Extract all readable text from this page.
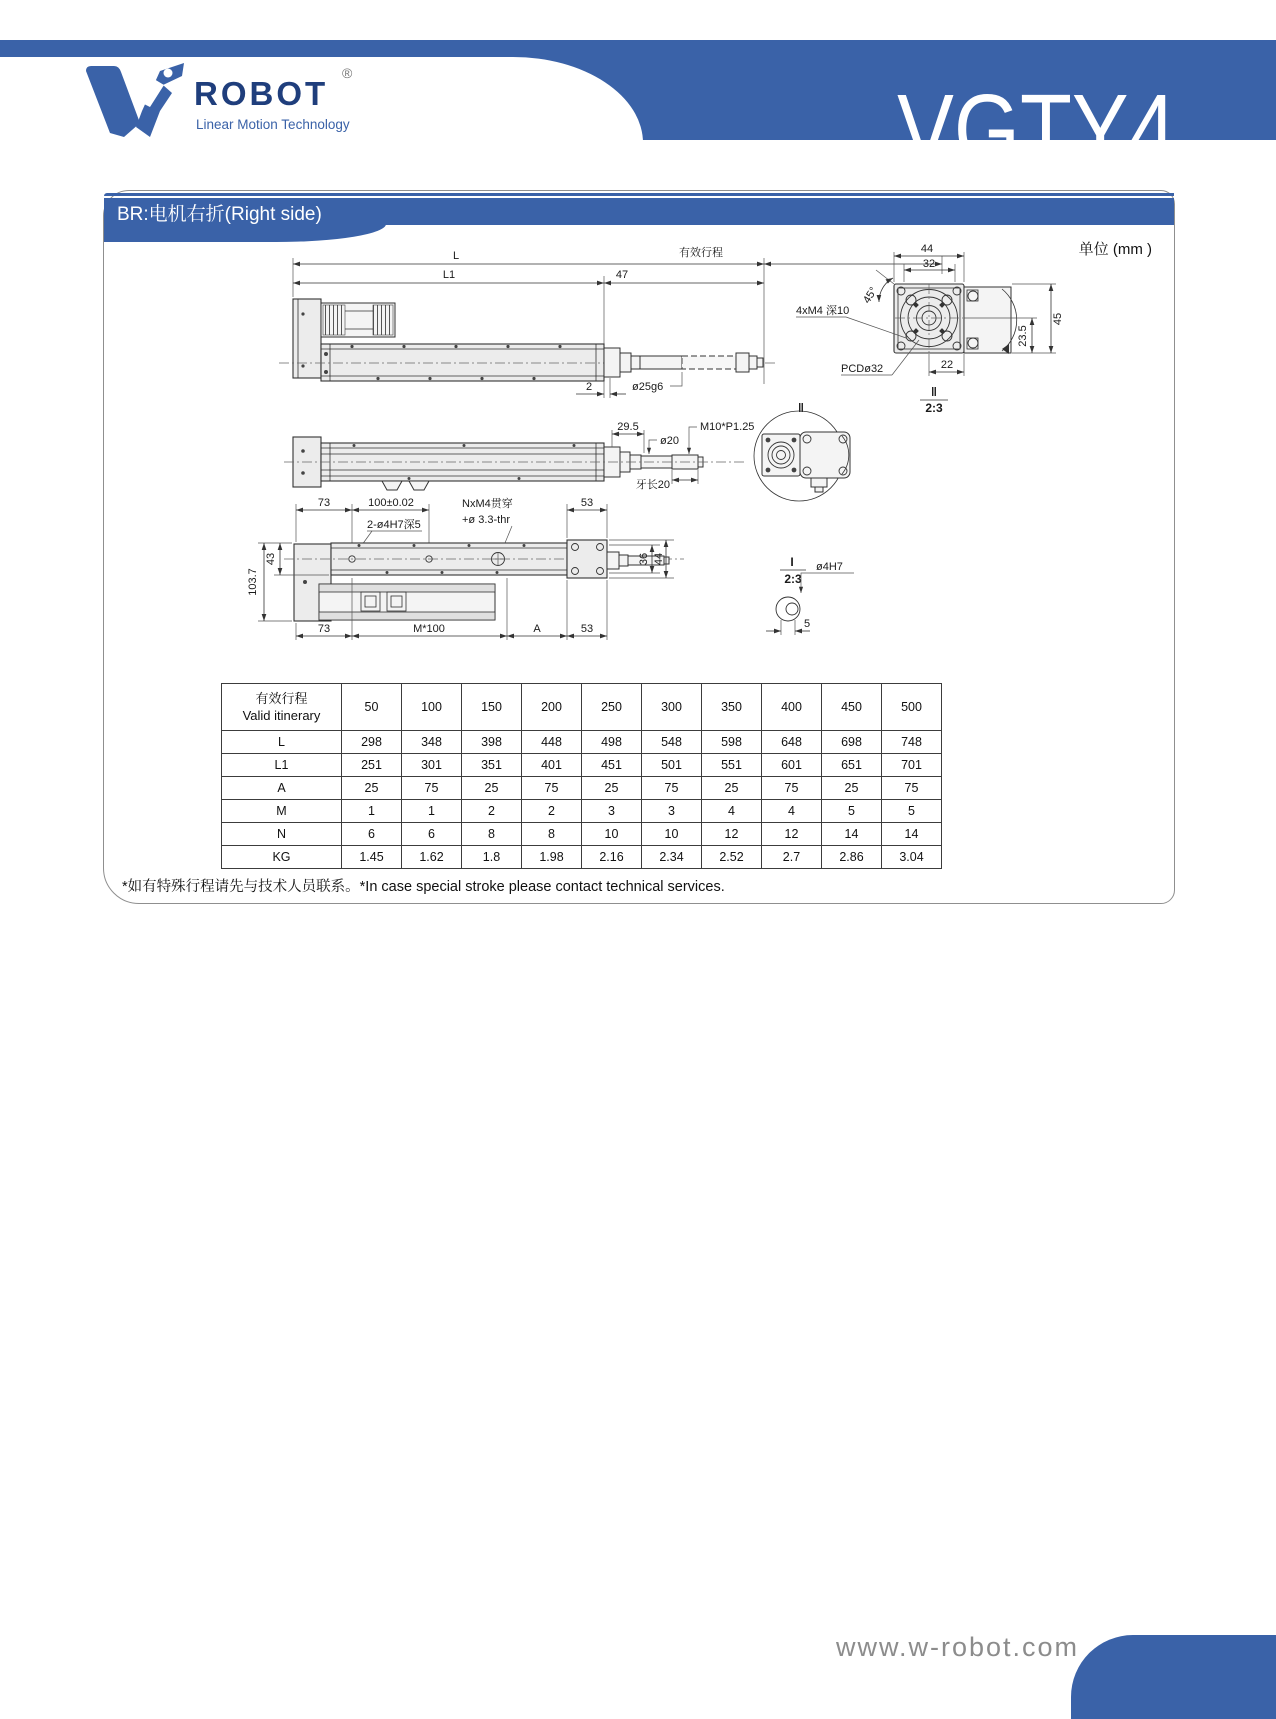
ROBOT
®
Linear Motion Technology	VGTY4
BR:电机右折(Right side)
单位 (mm )
L	有效行程
L1	47
2	ø25g6
44
32
45°
45
23.5
22
4xM4 深10
PCDø32
‖
2:3
29.5
ø20
M10*P1.25
牙长20
‖
73	100±0.02	53
2-ø4H7深5
NxM4贯穿
+ø 3.3-thr
43
103.7
36 44
73	M*100	A	53
I
2:3
ø4H7
5
有效行程
Valid itinerary	50	100	150	200	250	300	350	400	450	500
L	298	348	398	448	498	548	598	648	698	748
L1	251	301	351	401	451	501	551	601	651	701
A	25	75	25	75	25	75	25	75	25	75
M	1	1	2	2	3	3	4	4	5	5
N	6	6	8	8	10	10	12	12	14	14
KG	1.45	1.62	1.8	1.98	2.16	2.34	2.52	2.7	2.86	3.04
*如有特殊行程请先与技术人员联系。*In case special stroke please contact technical services.
www.w-robot.com
